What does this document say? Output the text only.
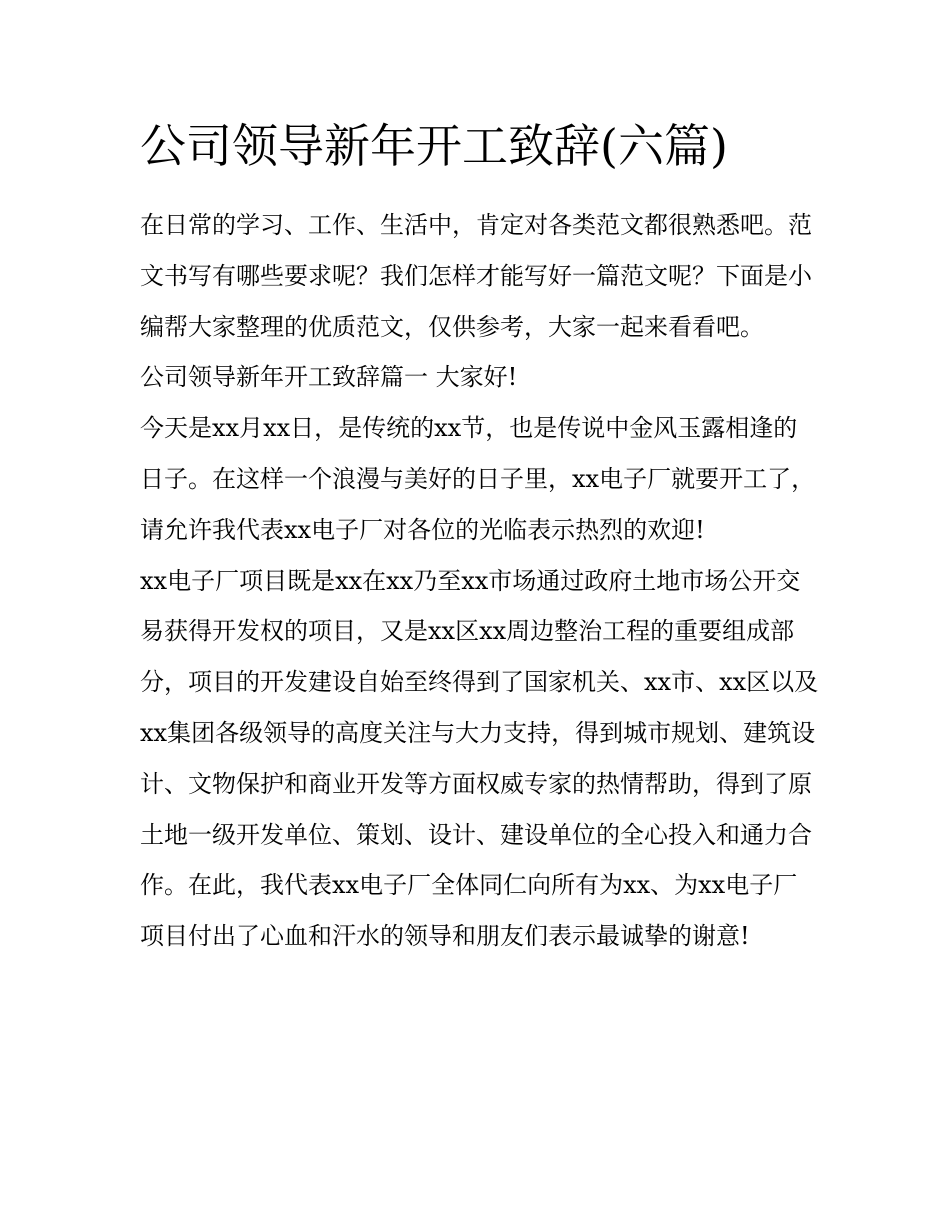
公司领导新年开工致辞(六篇)

在日常的学习、工作、生活中，肯定对各类范文都很熟悉吧。范文书写有哪些要求呢？我们怎样才能写好一篇范文呢？下面是小编帮大家整理的优质范文，仅供参考，大家一起来看看吧。

公司领导新年开工致辞篇一 大家好!

今天是xx月xx日，是传统的xx节，也是传说中金风玉露相逢的日子。在这样一个浪漫与美好的日子里，xx电子厂就要开工了，请允许我代表xx电子厂对各位的光临表示热烈的欢迎!

xx电子厂项目既是xx在xx乃至xx市场通过政府土地市场公开交易获得开发权的项目，又是xx区xx周边整治工程的重要组成部分，项目的开发建设自始至终得到了国家机关、xx市、xx区以及xx集团各级领导的高度关注与大力支持，得到城市规划、建筑设计、文物保护和商业开发等方面权威专家的热情帮助，得到了原土地一级开发单位、策划、设计、建设单位的全心投入和通力合作。在此，我代表xx电子厂全体同仁向所有为xx、为xx电子厂项目付出了心血和汗水的领导和朋友们表示最诚挚的谢意!
